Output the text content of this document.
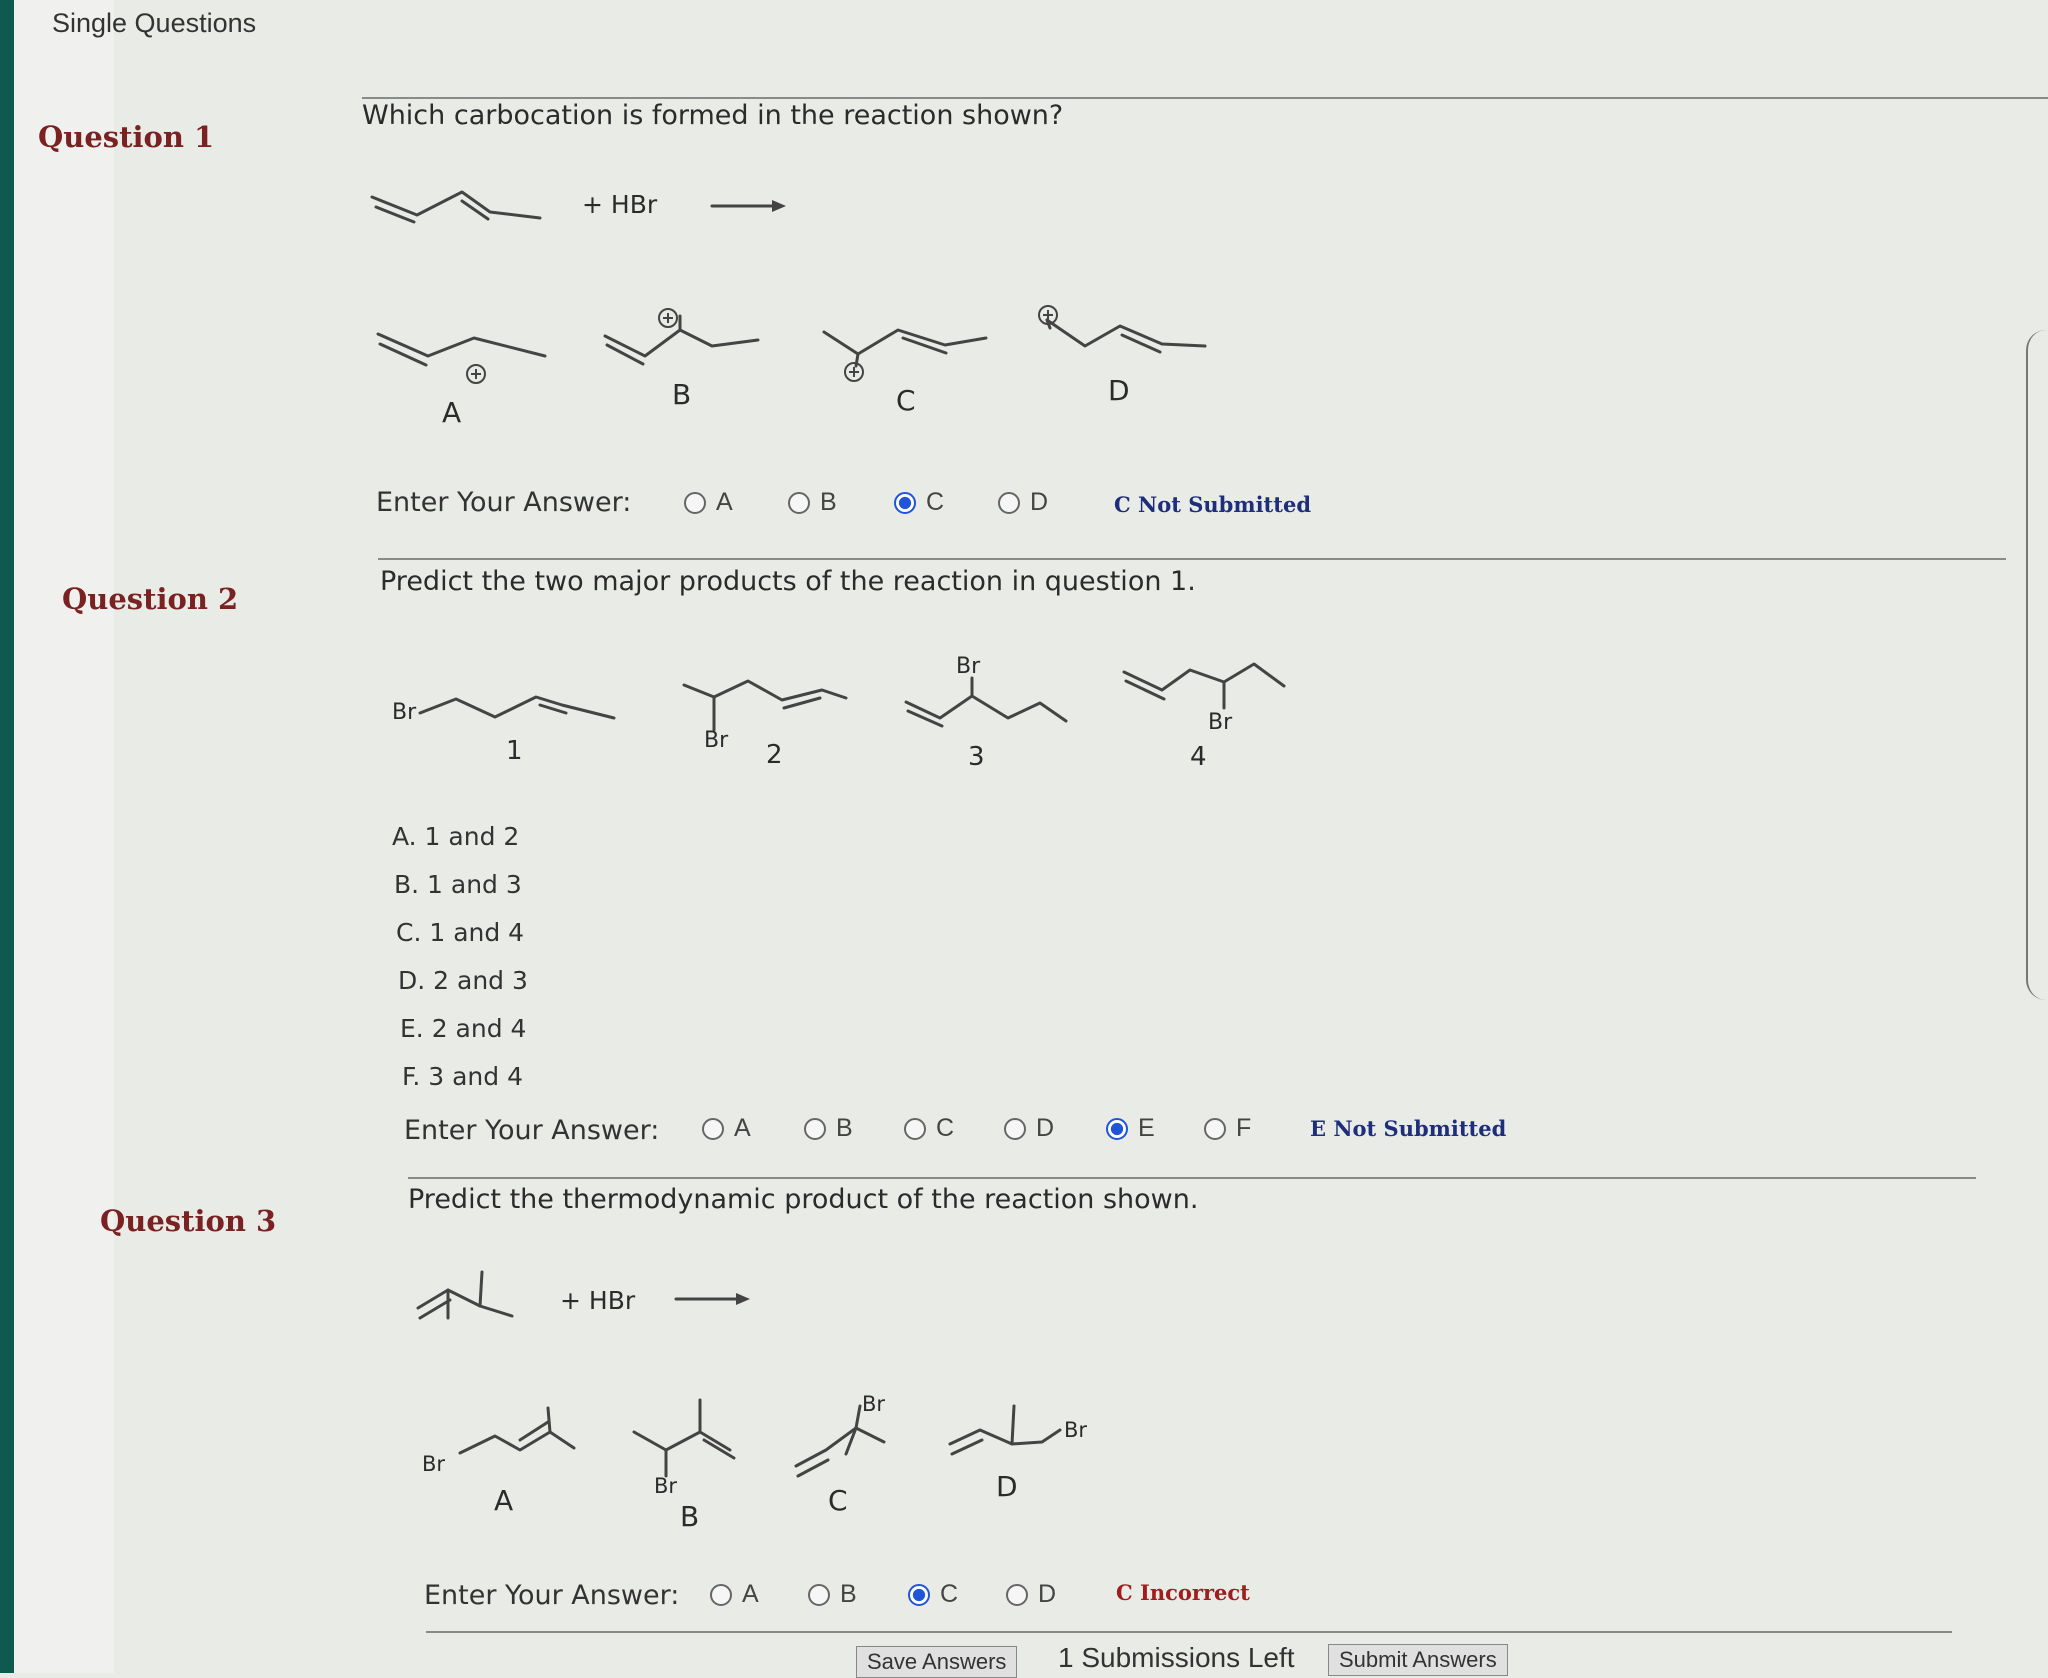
Single Questions
Question 1
Which carbocation is formed in the reaction shown?
Question 2
Predict the two major products of the reaction in question 1.
Question 3
Predict the thermodynamic product of the reaction shown.
+ HBr
A
B	C	D
Enter Your Answer:	A	B	C	D	C Not Submitted
Br
1	Br 2
Br
3
Br
4
A. 1 and 2
B. 1 and 3
C. 1 and 4
D. 2 and 3
E. 2 and 4
F. 3 and 4
Enter Your Answer:	A	B	C	D	E	F	E Not Submitted
+ HBr
Br
A	Br
B
Br
C
Br
D
Enter Your Answer:	A	B	C	D	C Incorrect
Save Answers	1 Submissions Left	Submit Answers
